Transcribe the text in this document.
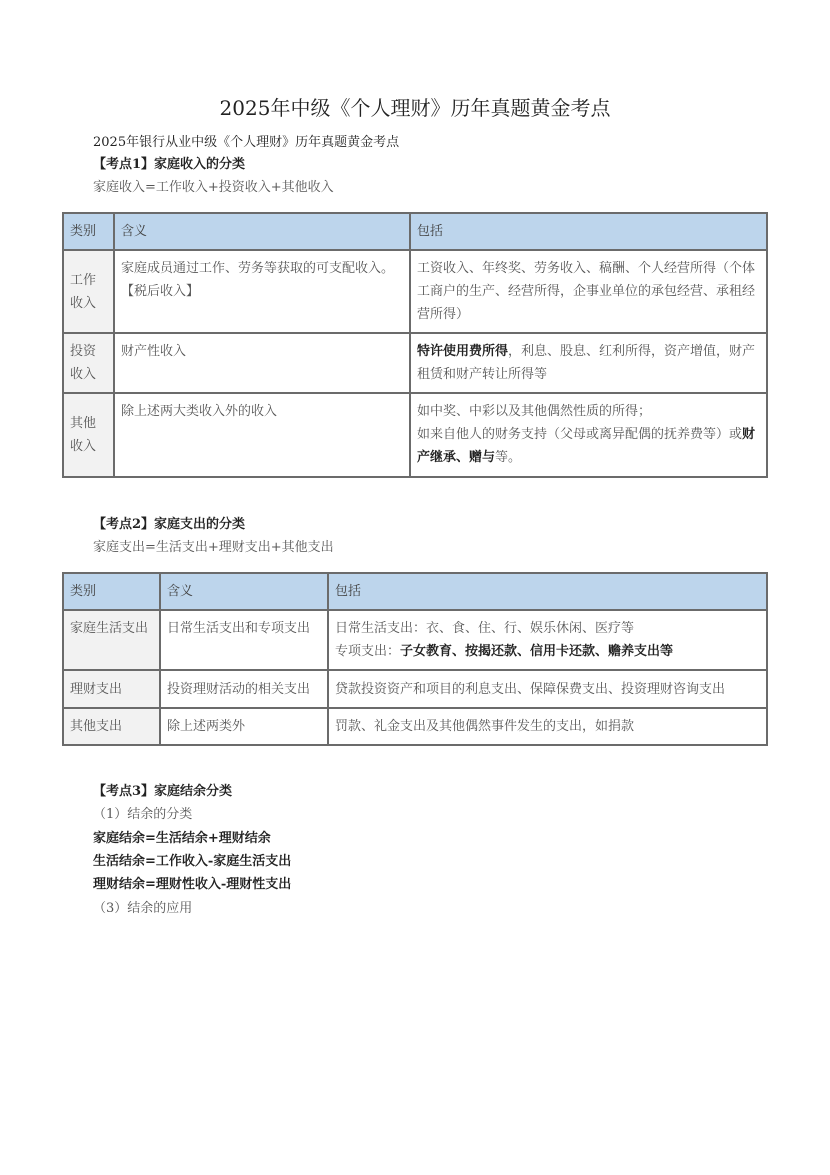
2025年中级《个人理财》历年真题黄金考点
2025年银行从业中级《个人理财》历年真题黄金考点
【考点1】家庭收入的分类
家庭收入=工作收入+投资收入+其他收入
类别	含义	包括
工作收入	家庭成员通过工作、劳务等获取的可支配收入。【税后收入】	工资收入、年终奖、劳务收入、稿酬、个人经营所得（个体工商户的生产、经营所得，企事业单位的承包经营、承租经营所得）
投资收入	财产性收入	特许使用费所得，利息、股息、红利所得，资产增值，财产租赁和财产转让所得等
其他收入	除上述两大类收入外的收入	如中奖、中彩以及其他偶然性质的所得；
如来自他人的财务支持（父母或离异配偶的抚养费等）或财产继承、赠与等。
【考点2】家庭支出的分类
家庭支出=生活支出+理财支出+其他支出
类别	含义	包括
家庭生活支出	日常生活支出和专项支出	日常生活支出：衣、食、住、行、娱乐休闲、医疗等
专项支出：子女教育、按揭还款、信用卡还款、赡养支出等
理财支出	投资理财活动的相关支出	贷款投资资产和项目的利息支出、保障保费支出、投资理财咨询支出
其他支出	除上述两类外	罚款、礼金支出及其他偶然事件发生的支出，如捐款
【考点3】家庭结余分类
（1）结余的分类
家庭结余=生活结余+理财结余
生活结余=工作收入-家庭生活支出
理财结余=理财性收入-理财性支出
（3）结余的应用
